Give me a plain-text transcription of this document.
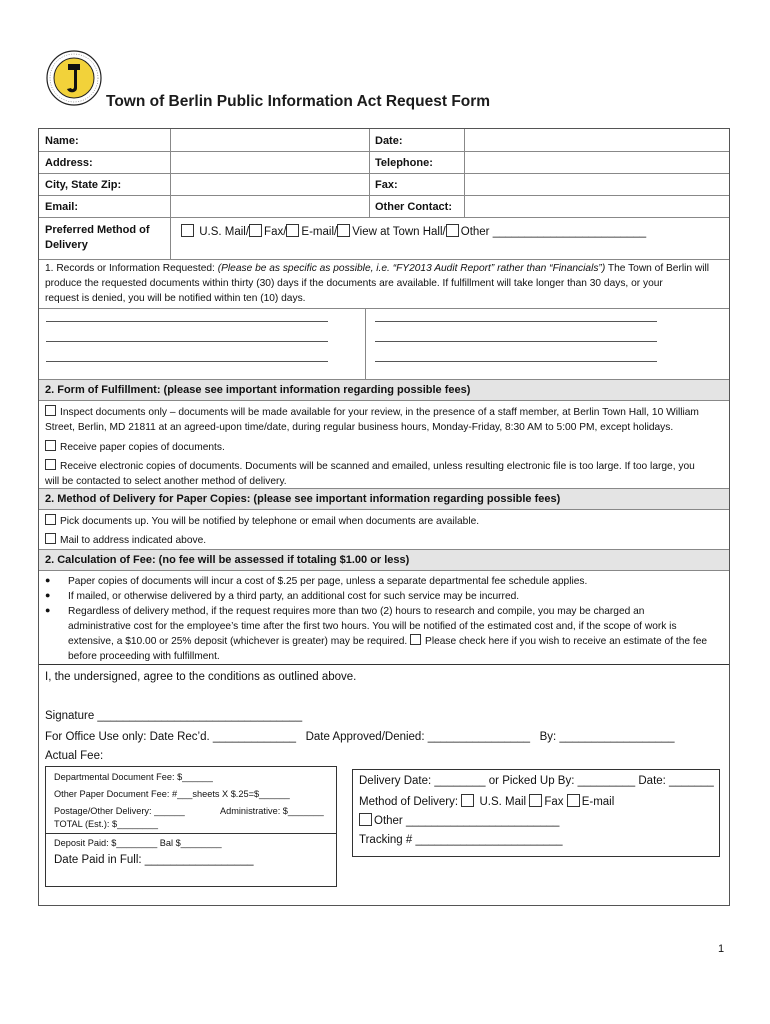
Town of Berlin Public Information Act Request Form
Name:	Date:
Address:	Telephone:
City, State Zip:	Fax:
Email:	Other Contact:
Preferred Method of
Delivery
U.S. Mail/ Fax/ E-mail/ View at Town Hall/ Other ________________________
1. Records or Information Requested: (Please be as specific as possible, i.e. “FY2013 Audit Report” rather than “Financials”) The Town of Berlin will
produce the requested documents within thirty (30) days if the documents are available. If fulfillment will take longer than 30 days, or your
request is denied, you will be notified within ten (10) days.
2. Form of Fulfillment: (please see important information regarding possible fees)
Inspect documents only – documents will be made available for your review, in the presence of a staff member, at Berlin Town Hall, 10 William
Street, Berlin, MD 21811 at an agreed-upon time/date, during regular business hours, Monday-Friday, 8:30 AM to 5:00 PM, except holidays.
Receive paper copies of documents.
Receive electronic copies of documents. Documents will be scanned and emailed, unless resulting electronic file is too large. If too large, you
will be contacted to select another method of delivery.
2. Method of Delivery for Paper Copies: (please see important information regarding possible fees)
Pick documents up. You will be notified by telephone or email when documents are available.
Mail to address indicated above.
2. Calculation of Fee: (no fee will be assessed if totaling $1.00 or less)
● Paper copies of documents will incur a cost of $.25 per page, unless a separate departmental fee schedule applies.
● If mailed, or otherwise delivered by a third party, an additional cost for such service may be incurred.
● Regardless of delivery method, if the request requires more than two (2) hours to research and compile, you may be charged an
administrative cost for the employee’s time after the first two hours. You will be notified of the estimated cost and, if the scope of work is
extensive, a $10.00 or 25% deposit (whichever is greater) may be required. Please check here if you wish to receive an estimate of the fee
before proceeding with fulfillment.
I, the undersigned, agree to the conditions as outlined above.
Signature ________________________________
For Office Use only: Date Rec’d. _____________   Date Approved/Denied: ________________   By: __________________
Actual Fee:
Departmental Document Fee: $______
Other Paper Document Fee: #___sheets X $.25=$______
Postage/Other Delivery: ______	Administrative: $_______
TOTAL (Est.): $________
Deposit Paid: $________ Bal $________
Date Paid in Full: _________________
Delivery Date: ________ or Picked Up By: _________ Date: _______
Method of Delivery:  U.S. Mail Fax E-mail
Other ________________________
Tracking # _______________________
1
